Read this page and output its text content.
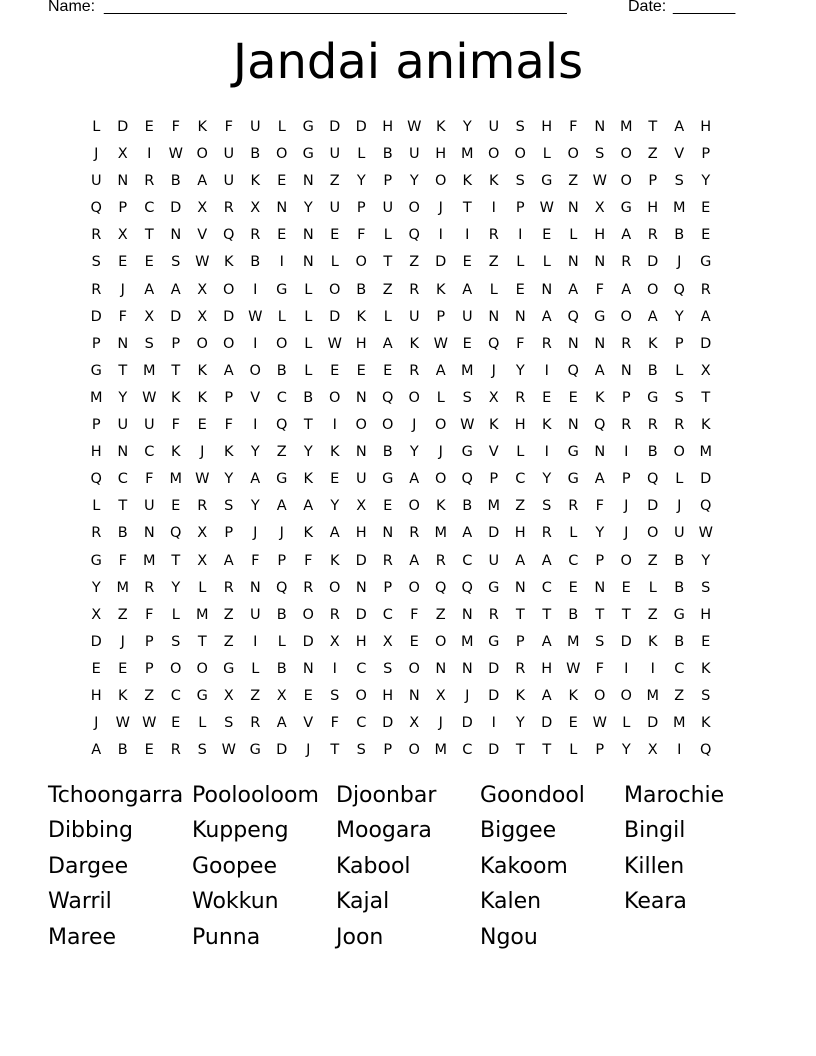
Name:

____________________________________________________

	Date:

_______

Jandai animals
L	D	E	F	K	F	U	L	G	D	D	H W	K	Y	U	S	H	F	N	M	T	A	H
J	X	I	W O	U	B	O	G	U	L	B	U	H	M	O	O	L	O	S	O	Z	V	P
U	N	R	B	A	U	K	E	N	Z	Y	P	Y	O	K	K	S	G	Z W O	P	S	Y
Q	P	C	D	X	R	X	N	Y	U	P	U	O	J	T	I	P	W N	X	G	H	M	E
R	X	T	N	V	Q	R	E	N	E	F	L	Q	I	I	R	I	E	L	H	A	R	B	E
S	E	E	S	W	K	B	I	N	L	O	T	Z	D	E	Z	L	L	N	N	R	D	J	G
R	J	A	A	X	O	I	G	L	O	B	Z	R	K	A	L	E	N	A	F	A	O	Q	R
D	F	X	D	X	D W	L	L	D	K	L	U	P	U	N	N	A	Q	G	O	A	Y	A
P	N	S	P	O	O	I	O	L	W H	A	K	W	E	Q	F	R	N	N	R	K	P	D
G	T	M	T	K	A	O	B	L	E	E	E	R	A	M	J	Y	I	Q	A	N	B	L	X
M	Y	W	K	K	P	V	C	B	O	N	Q	O	L	S	X	R	E	E	K	P	G	S	T
P	U	U	F	E	F	I	Q	T	I	O	O	J	O W	K	H	K	N	Q	R	R	R	K
H	N	C	K	J	K	Y	Z	Y	K	N	B	Y	J	G	V	L	I	G	N	I	B	O	M
Q	C	F	M W	Y	A	G	K	E	U	G	A	O	Q	P	C	Y	G	A	P	Q	L	D
L	T	U	E	R	S	Y	A	A	Y	X	E	O	K	B	M	Z	S	R	F	J	D	J	Q
R	B	N	Q	X	P	J	J	K	A	H	N	R	M	A	D	H	R	L	Y	J	O	U W
G	F	M	T	X	A	F	P	F	K	D	R	A	R	C	U	A	A	C	P	O	Z	B	Y
Y	M	R	Y	L	R	N	Q	R	O	N	P	O	Q	Q	G	N	C	E	N	E	L	B	S
X	Z	F	L	M	Z	U	B	O	R	D	C	F	Z	N	R	T	T	B	T	T	Z	G	H
D	J	P	S	T	Z	I	L	D	X	H	X	E	O	M	G	P	A	M	S	D	K	B	E
E	E	P	O	O	G	L	B	N	I	C	S	O	N	N	D	R	H W	F	I	I	C	K
H	K	Z	C	G	X	Z	X	E	S	O	H	N	X	J	D	K	A	K	O	O	M	Z	S
J	W W	E	L	S	R	A	V	F	C	D	X	J	D	I	Y	D	E	W	L	D	M	K
A	B	E	R	S	W G	D	J	T	S	P	O	M	C	D	T	T	L	P	Y	X	I	Q
Tchoongarra Poolooloom Djoonbar	Goondool	Marochie
Dibbing	Kuppeng	Moogara	Biggee	Bingil
Dargee	Goopee	Kabool	Kakoom	Killen
Warril	Wokkun	Kajal	Kalen	Keara
Maree	Punna	Joon	Ngou
